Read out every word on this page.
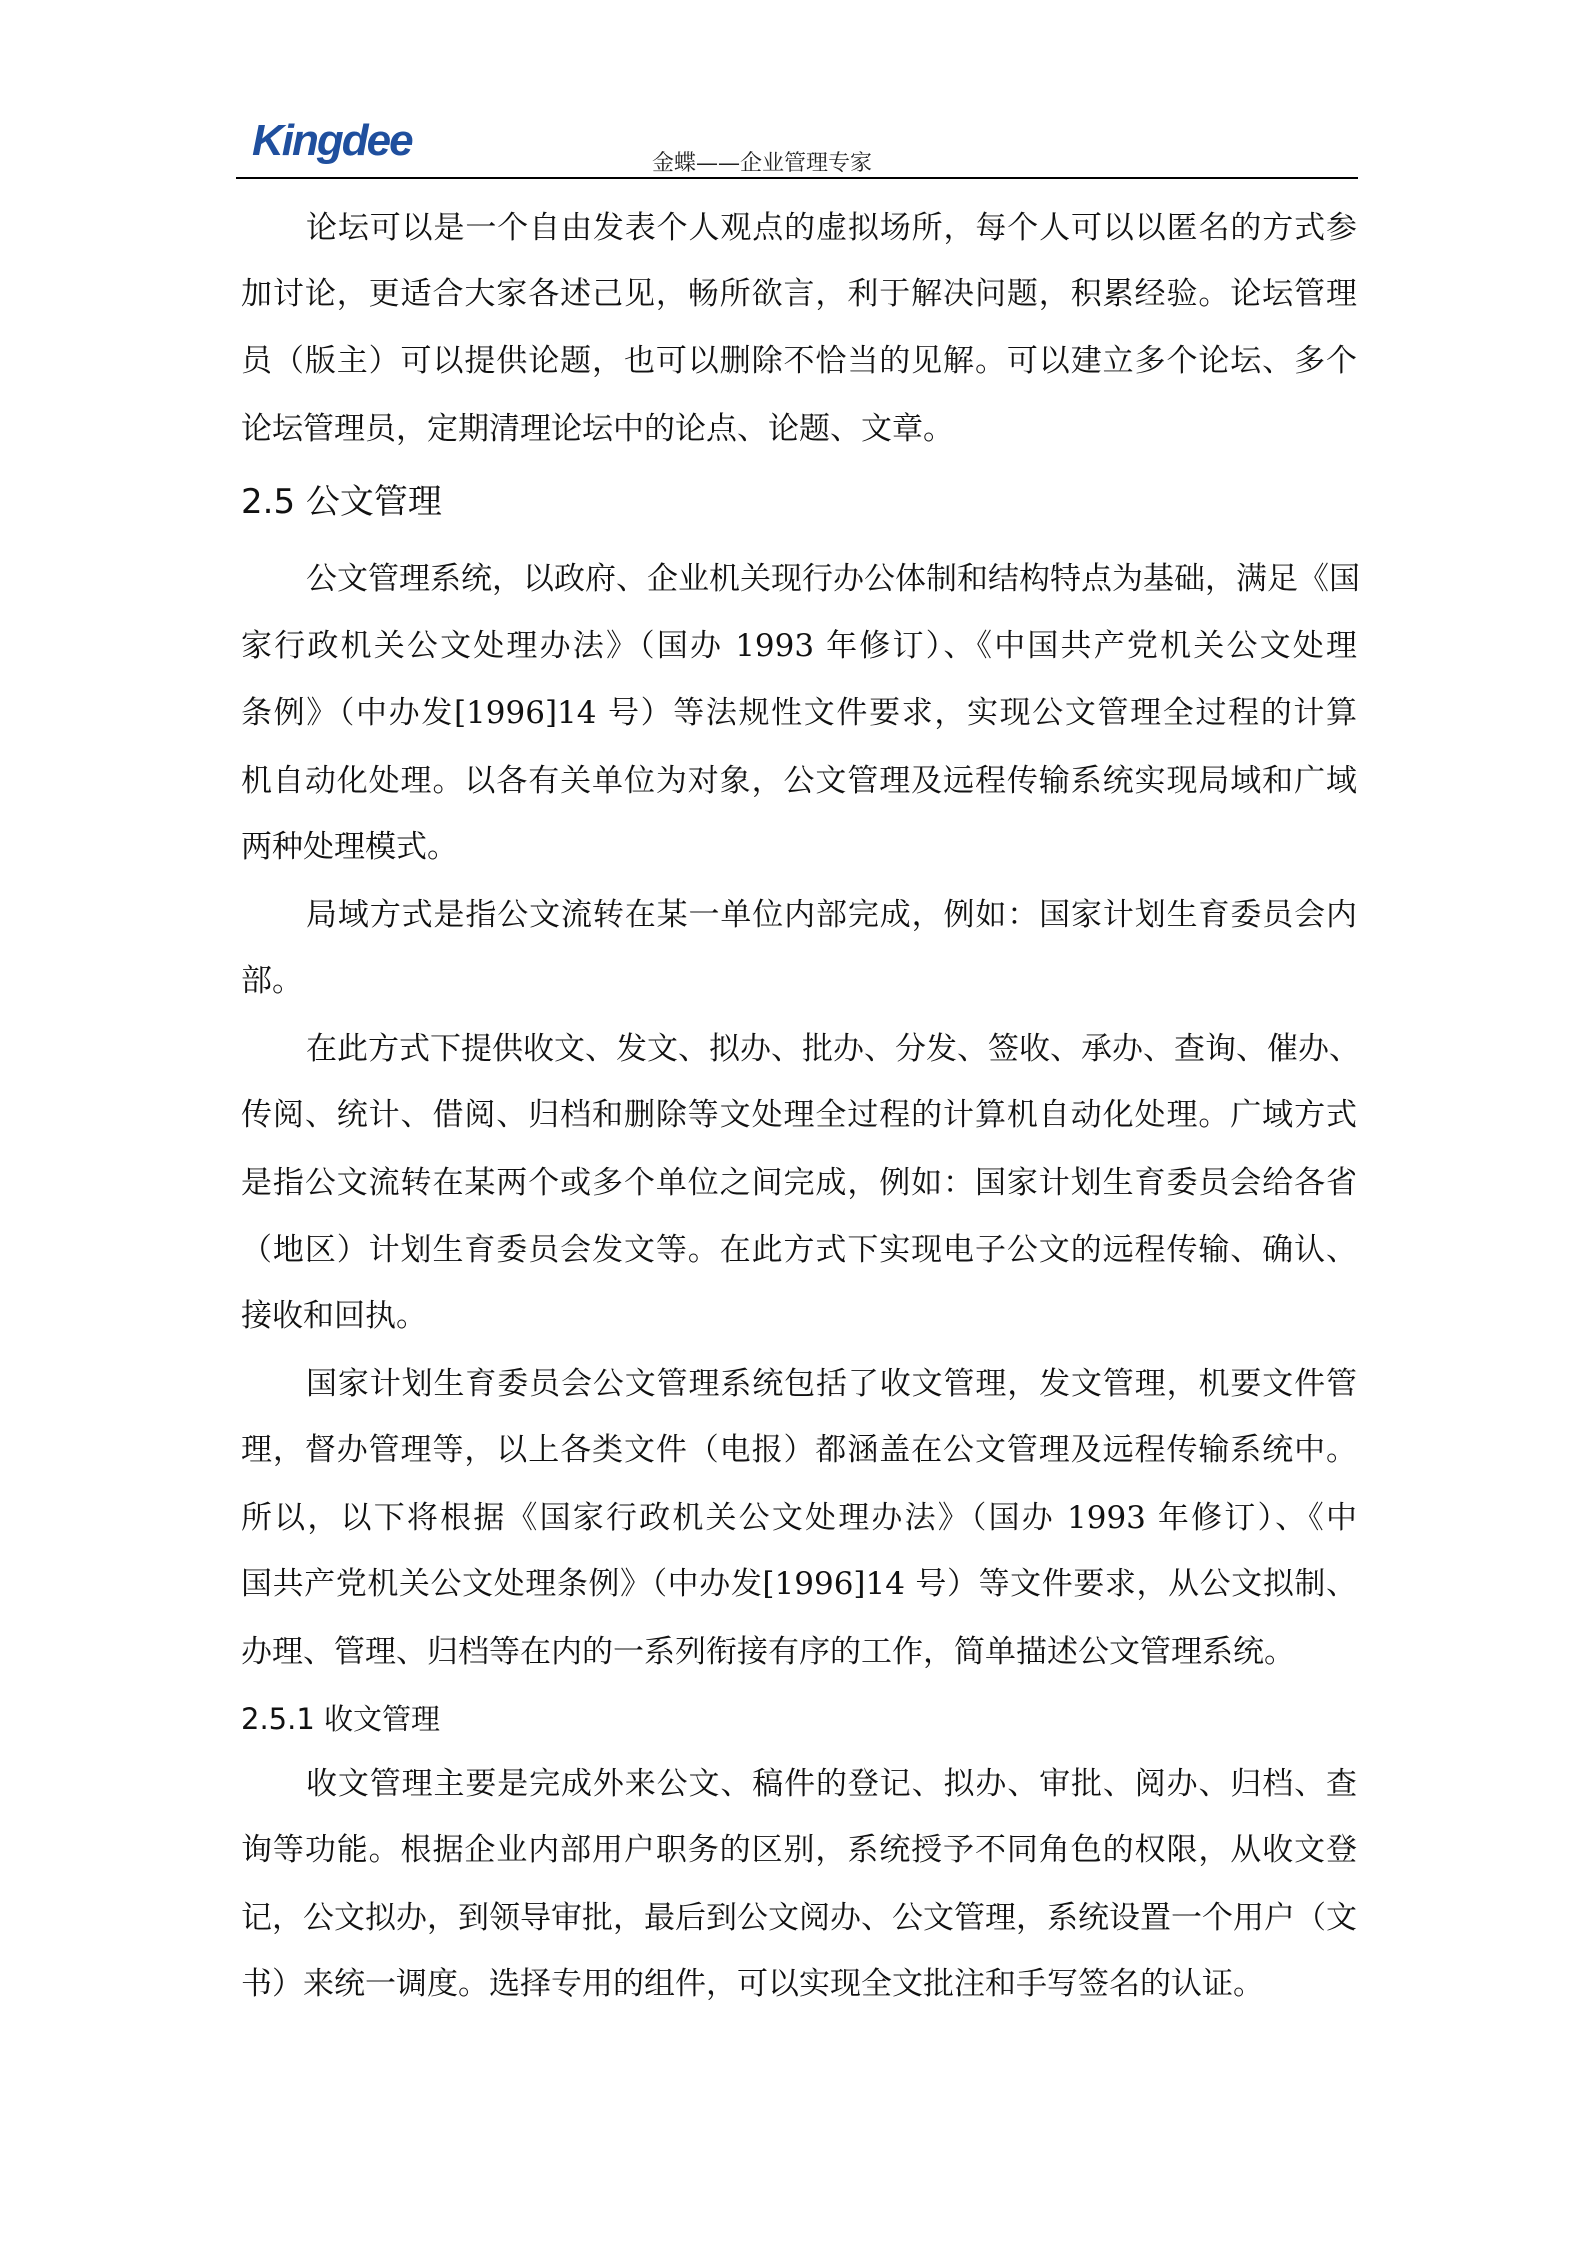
Kingdee	金蝶——企业管理专家
论坛可以是一个自由发表个人观点的虚拟场所，每个人可以以匿名的方式参
加讨论，更适合大家各述己见，畅所欲言，利于解决问题，积累经验。论坛管理
员（版主）可以提供论题，也可以删除不恰当的见解。可以建立多个论坛、多个
论坛管理员，定期清理论坛中的论点、论题、文章。
2.5 公文管理
公文管理系统，以政府、企业机关现行办公体制和结构特点为基础，满足《国
家行政机关公文处理办法》（国办 1993 年修订）、《中国共产党机关公文处理
条例》（中办发[1996]14 号）等法规性文件要求，实现公文管理全过程的计算
机自动化处理。以各有关单位为对象，公文管理及远程传输系统实现局域和广域
两种处理模式。
局域方式是指公文流转在某一单位内部完成，例如：国家计划生育委员会内
部。
在此方式下提供收文、发文、拟办、批办、分发、签收、承办、查询、催办、
传阅、统计、借阅、归档和删除等文处理全过程的计算机自动化处理。广域方式
是指公文流转在某两个或多个单位之间完成，例如：国家计划生育委员会给各省
（地区）计划生育委员会发文等。在此方式下实现电子公文的远程传输、确认、
接收和回执。
国家计划生育委员会公文管理系统包括了收文管理，发文管理，机要文件管
理，督办管理等，以上各类文件（电报）都涵盖在公文管理及远程传输系统中。
所以，以下将根据《国家行政机关公文处理办法》（国办 1993 年修订）、《中
国共产党机关公文处理条例》（中办发[1996]14 号）等文件要求，从公文拟制、
办理、管理、归档等在内的一系列衔接有序的工作，简单描述公文管理系统。
2.5.1 收文管理
收文管理主要是完成外来公文、稿件的登记、拟办、审批、阅办、归档、查
询等功能。根据企业内部用户职务的区别，系统授予不同角色的权限，从收文登
记，公文拟办，到领导审批，最后到公文阅办、公文管理，系统设置一个用户（文
书）来统一调度。选择专用的组件，可以实现全文批注和手写签名的认证。
